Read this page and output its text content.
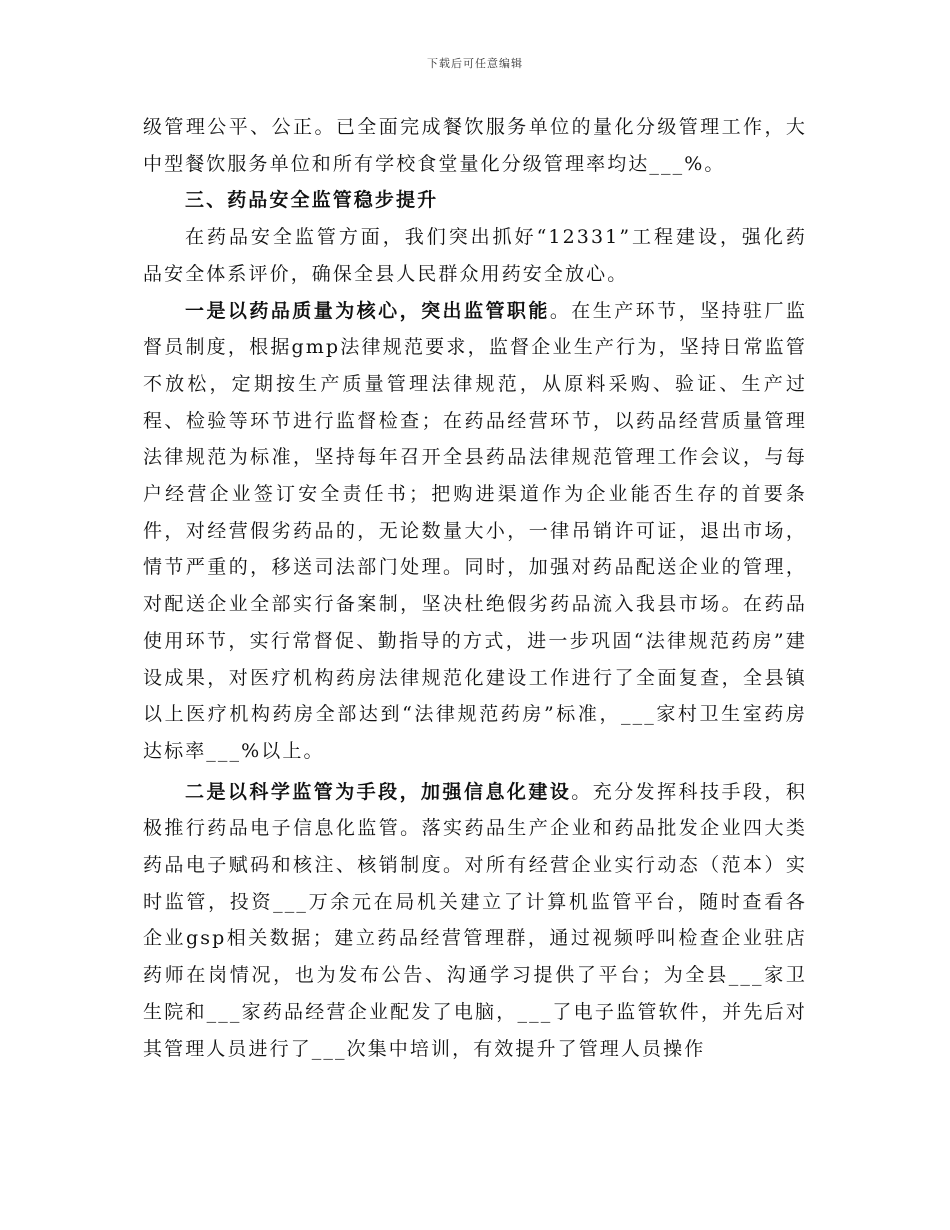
下载后可任意编辑

级管理公平、公正。已全面完成餐饮服务单位的量化分级管理工作，大中型餐饮服务单位和所有学校食堂量化分级管理率均达___%。

三、药品安全监管稳步提升

在药品安全监管方面，我们突出抓好“12331”工程建设，强化药品安全体系评价，确保全县人民群众用药安全放心。

一是以药品质量为核心，突出监管职能。在生产环节，坚持驻厂监督员制度，根据gmp法律规范要求，监督企业生产行为，坚持日常监管不放松，定期按生产质量管理法律规范，从原料采购、验证、生产过程、检验等环节进行监督检查；在药品经营环节，以药品经营质量管理法律规范为标准，坚持每年召开全县药品法律规范管理工作会议，与每户经营企业签订安全责任书；把购进渠道作为企业能否生存的首要条件，对经营假劣药品的，无论数量大小，一律吊销许可证，退出市场，情节严重的，移送司法部门处理。同时，加强对药品配送企业的管理，对配送企业全部实行备案制，坚决杜绝假劣药品流入我县市场。在药品使用环节，实行常督促、勤指导的方式，进一步巩固“法律规范药房”建设成果，对医疗机构药房法律规范化建设工作进行了全面复查，全县镇以上医疗机构药房全部达到“法律规范药房”标准，___家村卫生室药房达标率___%以上。

二是以科学监管为手段，加强信息化建设。充分发挥科技手段，积极推行药品电子信息化监管。落实药品生产企业和药品批发企业四大类药品电子赋码和核注、核销制度。对所有经营企业实行动态（范本）实时监管，投资___万余元在局机关建立了计算机监管平台，随时查看各企业gsp相关数据；建立药品经营管理群，通过视频呼叫检查企业驻店药师在岗情况，也为发布公告、沟通学习提供了平台；为全县___家卫生院和___家药品经营企业配发了电脑，___了电子监管软件，并先后对其管理人员进行了___次集中培训，有效提升了管理人员操作
